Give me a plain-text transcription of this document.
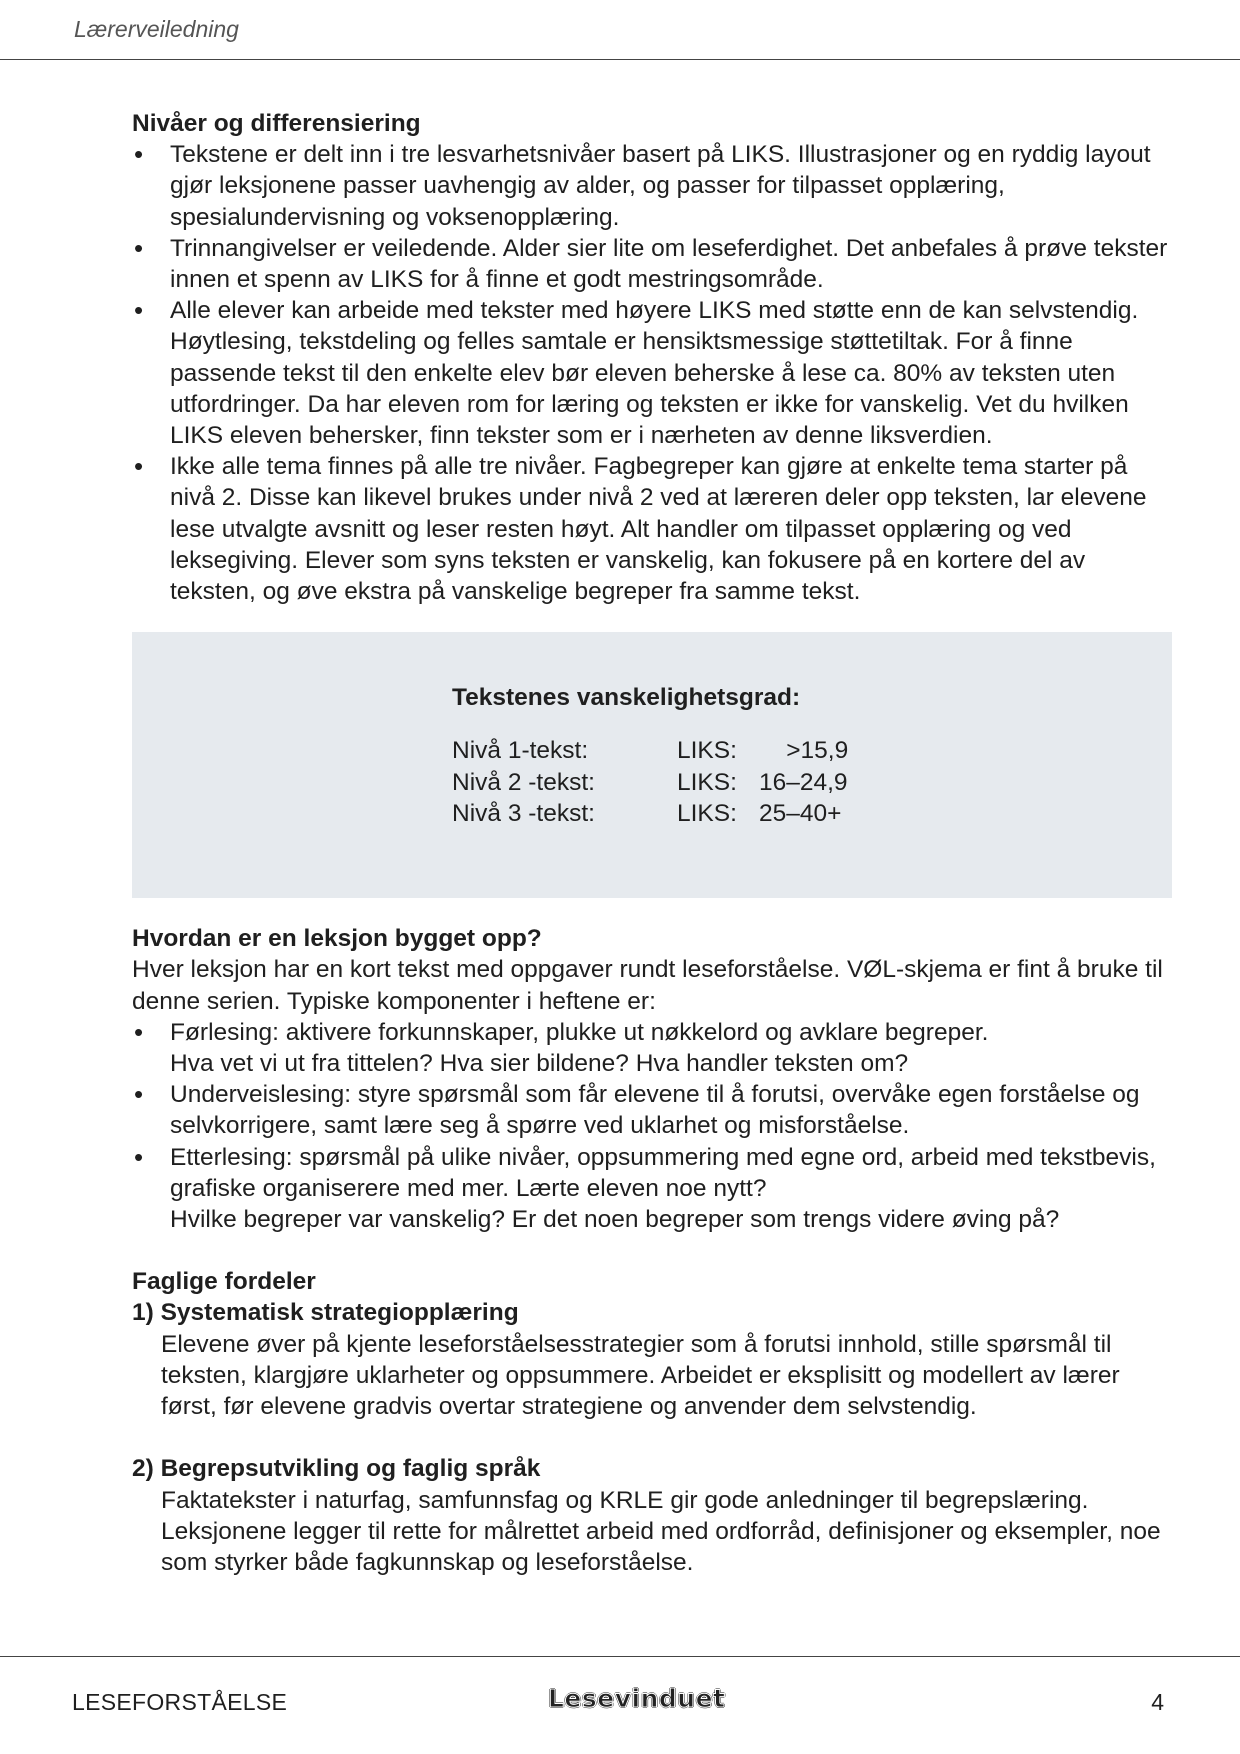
Lærerveiledning
Nivåer og differensiering
• Tekstene er delt inn i tre lesvarhetsnivåer basert på LIKS. Illustrasjoner og en ryddig layout gjør leksjonene passer uavhengig av alder, og passer for tilpasset opplæring, spesialundervisning og voksenopplæring.
• Trinnangivelser er veiledende. Alder sier lite om leseferdighet. Det anbefales å prøve tekster innen et spenn av LIKS for å finne et godt mestringsområde.
• Alle elever kan arbeide med tekster med høyere LIKS med støtte enn de kan selvstendig. Høytlesing, tekstdeling og felles samtale er hensiktsmessige støttetiltak. For å finne passende tekst til den enkelte elev bør eleven beherske å lese ca. 80% av teksten uten utfordringer. Da har eleven rom for læring og teksten er ikke for vanskelig. Vet du hvilken LIKS eleven behersker, finn tekster som er i nærheten av denne liksverdien.
• Ikke alle tema finnes på alle tre nivåer. Fagbegreper kan gjøre at enkelte tema starter på nivå 2. Disse kan likevel brukes under nivå 2 ved at læreren deler opp teksten, lar elevene lese utvalgte avsnitt og leser resten høyt. Alt handler om tilpasset opplæring og ved leksegiving. Elever som syns teksten er vanskelig, kan fokusere på en kortere del av teksten, og øve ekstra på vanskelige begreper fra samme tekst.
Tekstenes vanskelighetsgrad:
Nivå 1-tekst:	LIKS: >15,9
Nivå 2 -tekst:	LIKS: 16–24,9
Nivå 3 -tekst:	LIKS: 25–40+
Hvordan er en leksjon bygget opp?

Hver leksjon har en kort tekst med oppgaver rundt leseforståelse. VØL-skjema er fint å bruke til denne serien. Typiske komponenter i heftene er:

• Førlesing: aktivere forkunnskaper, plukke ut nøkkelord og avklare begreper.
Hva vet vi ut fra tittelen? Hva sier bildene? Hva handler teksten om?
• Underveislesing: styre spørsmål som får elevene til å forutsi, overvåke egen forståelse og selvkorrigere, samt lære seg å spørre ved uklarhet og misforståelse.
• Etterlesing: spørsmål på ulike nivåer, oppsummering med egne ord, arbeid med tekstbevis, grafiske organiserere med mer. Lærte eleven noe nytt?
Hvilke begreper var vanskelig? Er det noen begreper som trengs videre øving på?
Faglige fordeler
1) Systematisk strategiopplæring

Elevene øver på kjente leseforståelsesstrategier som å forutsi innhold, stille spørsmål til teksten, klargjøre uklarheter og oppsummere. Arbeidet er eksplisitt og modellert av lærer først, før elevene gradvis overtar strategiene og anvender dem selvstendig.

2) Begrepsutvikling og faglig språk

Faktatekster i naturfag, samfunnsfag og KRLE gir gode anledninger til begrepslæring. Leksjonene legger til rette for målrettet arbeid med ordforråd, definisjoner og eksempler, noe som styrker både fagkunnskap og leseforståelse.

LESEFORSTÅELSE	Lesevinduet	4
